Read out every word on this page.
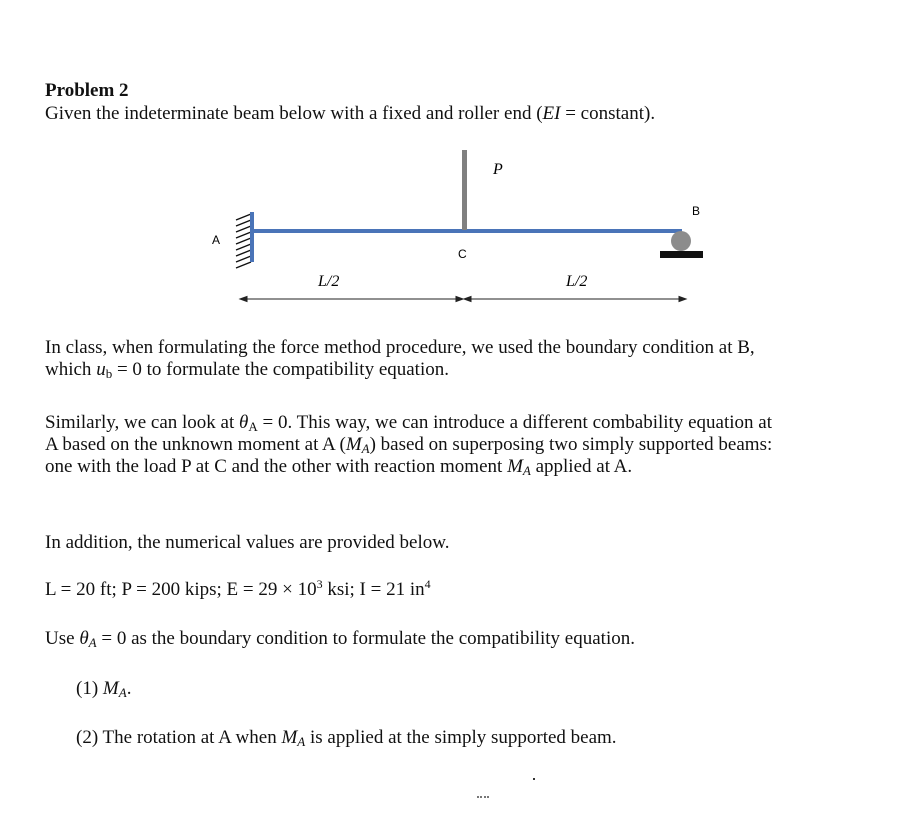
Problem 2
Given the indeterminate beam below with a fixed and roller end (EI = constant).
A
B
C
P
L/2	L/2
In class, when formulating the force method procedure, we used the boundary condition at B,
which $u_b = 0$ to formulate the compatibility equation.
Similarly, we can look at $\theta_A = 0$. This way, we can introduce a different combability equation at
A based on the unknown moment at A $(M_A)$ based on superposing two simply supported beams:
one with the load P at C and the other with reaction moment $M_A$ applied at A.
In addition, the numerical values are provided below.
L = 20 ft; P = 200 kips; $E = 29 \times 10^3$ ksi; I = 21 $in^4$
Use $\theta_A = 0$ as the boundary condition to formulate the compatibility equation.
(1) $M_A$.
(2) The rotation at A when $M_A$ is applied at the simply supported beam.
